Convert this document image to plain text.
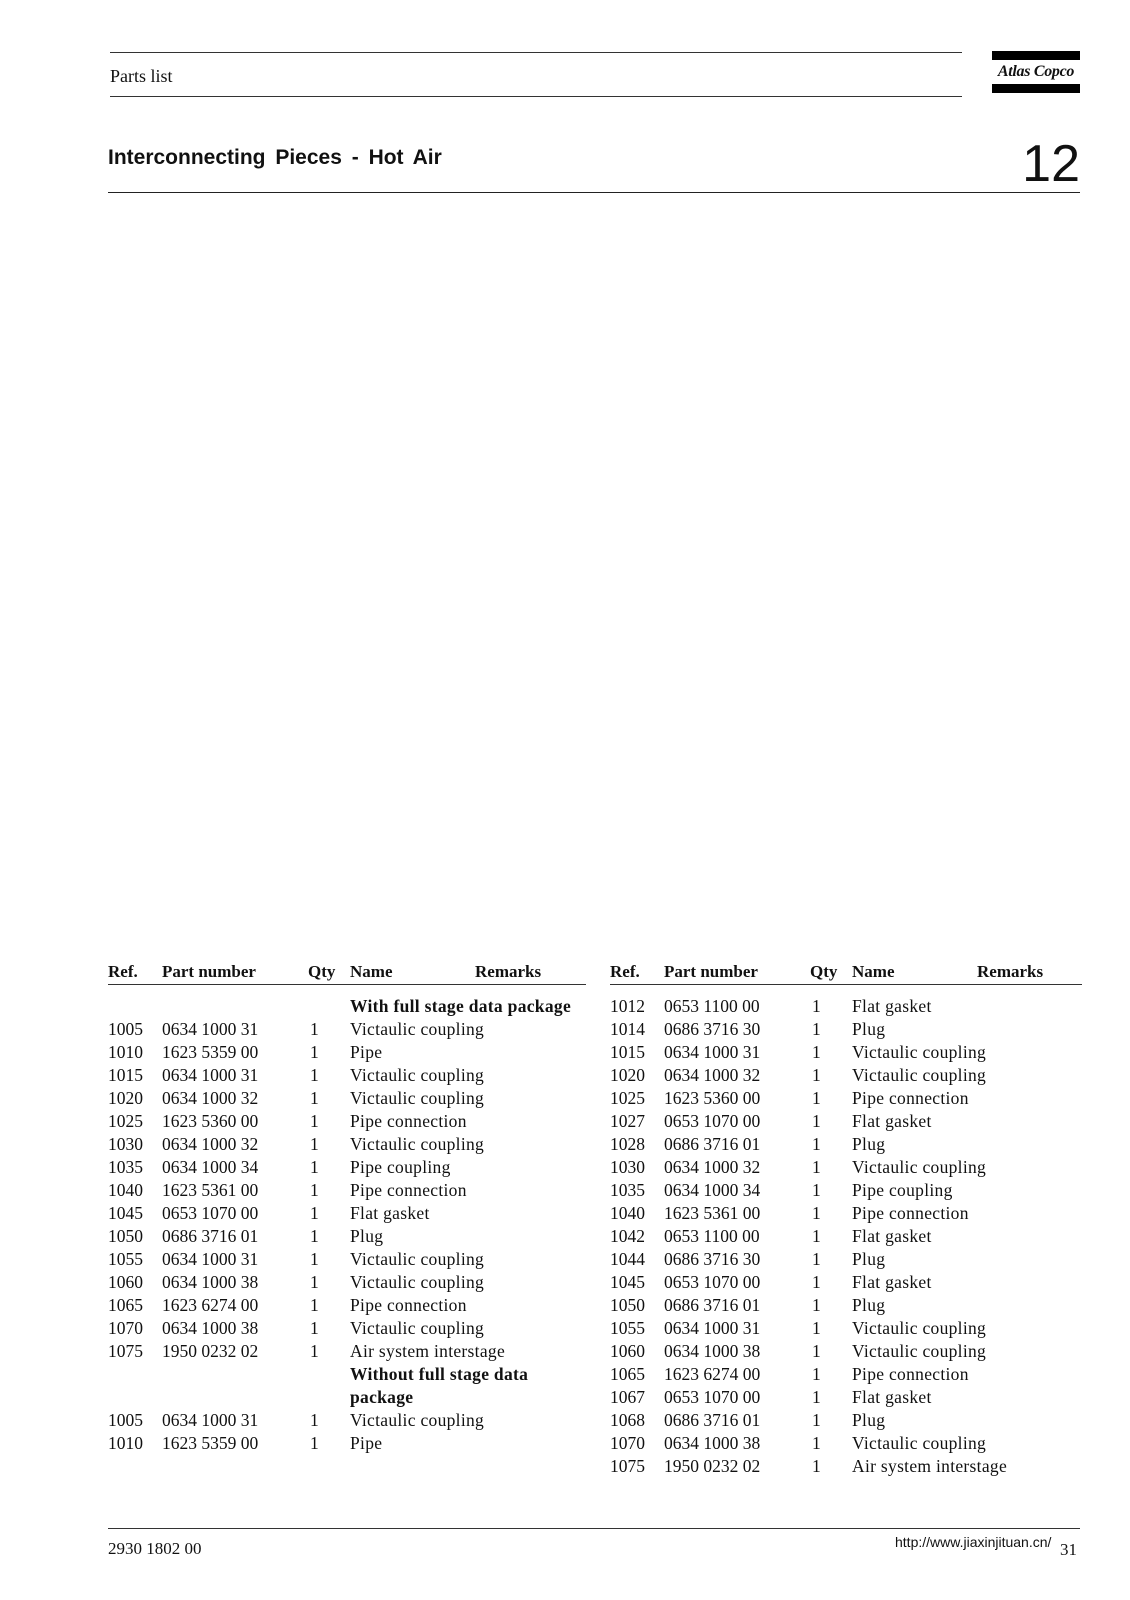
Parts list	Atlas Copco
Interconnecting Pieces - Hot Air	12
Ref. Part number	Qty Name	Remarks
With full stage data package
1005 0634 1000 31	1 Victaulic coupling
1010 1623 5359 00	1 Pipe
1015 0634 1000 31	1 Victaulic coupling
1020 0634 1000 32	1 Victaulic coupling
1025 1623 5360 00	1 Pipe connection
1030 0634 1000 32	1 Victaulic coupling
1035 0634 1000 34	1 Pipe coupling
1040 1623 5361 00	1 Pipe connection
1045 0653 1070 00	1 Flat gasket
1050 0686 3716 01	1 Plug
1055 0634 1000 31	1 Victaulic coupling
1060 0634 1000 38	1 Victaulic coupling
1065 1623 6274 00	1 Pipe connection
1070 0634 1000 38	1 Victaulic coupling
1075 1950 0232 02	1 Air system interstage
Without full stage data package
1005 0634 1000 31	1 Victaulic coupling
1010 1623 5359 00	1 Pipe
Ref. Part number	Qty Name	Remarks
1012 0653 1100 00	1 Flat gasket
1014 0686 3716 30	1 Plug
1015 0634 1000 31	1 Victaulic coupling
1020 0634 1000 32	1 Victaulic coupling
1025 1623 5360 00	1 Pipe connection
1027 0653 1070 00	1 Flat gasket
1028 0686 3716 01	1 Plug
1030 0634 1000 32	1 Victaulic coupling
1035 0634 1000 34	1 Pipe coupling
1040 1623 5361 00	1 Pipe connection
1042 0653 1100 00	1 Flat gasket
1044 0686 3716 30	1 Plug
1045 0653 1070 00	1 Flat gasket
1050 0686 3716 01	1 Plug
1055 0634 1000 31	1 Victaulic coupling
1060 0634 1000 38	1 Victaulic coupling
1065 1623 6274 00	1 Pipe connection
1067 0653 1070 00	1 Flat gasket
1068 0686 3716 01	1 Plug
1070 0634 1000 38	1 Victaulic coupling
1075 1950 0232 02	1 Air system interstage
2930 1802 00	http://www.jiaxinjituan.cn/ 31
